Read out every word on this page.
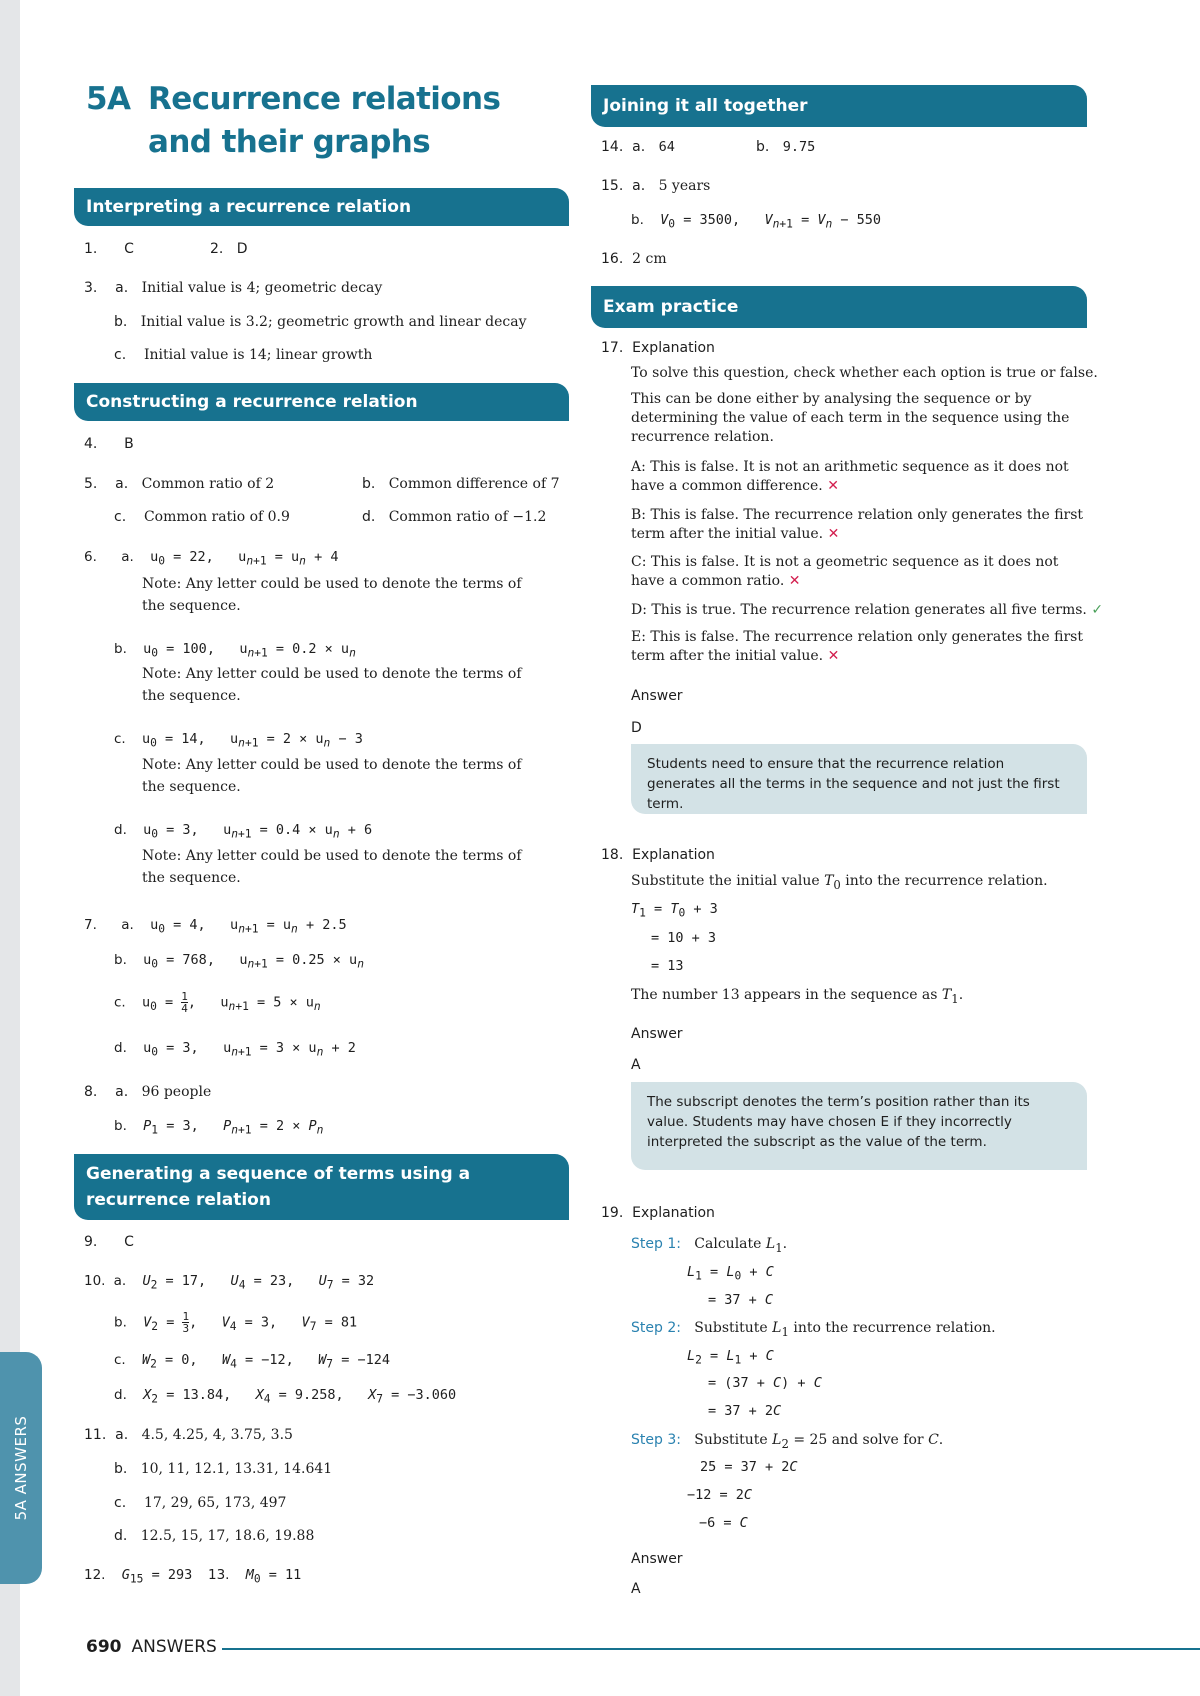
5A ANSWERS
5A Recurrence relations and their graphs
Interpreting a recurrence relation
1. C	2. D
3. a. Initial value is 4; geometric decay
b. Initial value is 3.2; geometric growth and linear decay
c. Initial value is 14; linear growth
Constructing a recurrence relation
4. B
5. a. Common ratio of 2	b. Common difference of 7
c. Common ratio of 0.9	d. Common ratio of −1.2
6. a.  $u_0 = 22$,   $u_{n+1} = u_n + 4$
Note: Any letter could be used to denote the terms of
the sequence.
b.  $u_0 = 100$,   $u_{n+1} = 0.2 \times u_n$
Note: Any letter could be used to denote the terms of
the sequence.
c.  $u_0 = 14$,   $u_{n+1} = 2 \times u_n - 3$
Note: Any letter could be used to denote the terms of
the sequence.
d.  $u_0 = 3$,   $u_{n+1} = 0.4 \times u_n + 6$
Note: Any letter could be used to denote the terms of
the sequence.
7. a.  $u_0 = 4$,   $u_{n+1} = u_n + 2.5$
b.  $u_0 = 768$,   $u_{n+1} = 0.25 \times u_n$
c.  $u_0 = \frac{1}{4}$ ,   $u_{n+1} = 5 \times u_n$
d.  $u_0 = 3$,   $u_{n+1} = 3 \times u_n + 2$
8. a. 96 people
b. $P_1 = 3$,   $P_{n+1} = 2 \times P_n$
Generating a sequence of terms using a recurrence relation
9. C
10. a. $U_2 = 17$,   $U_4 = 23$,   $U_7 = 32$
b. $V_2 = \frac{1}{3}$ ,   $V_4 = 3$,   $V_7 = 81$
c. $W_2 = 0$,   $W_4 = -12$,   $W_7 = -124$
d. $X_2 = 13.84$,   $X_4 = 9.258$,   $X_7 = -3.060$
11. a. 4.5, 4.25, 4, 3.75, 3.5
b. 10, 11, 12.1, 13.31, 14.641
c. 17, 29, 65, 173, 497
d. 12.5, 15, 17, 18.6, 19.88
12. $G_{15} = 293$ 13. $M_0 = 11$
Joining it all together
14. a. 64	b. 9.75
15. a. 5 years
b. $V_0 = 3500$,   $V_{n+1} = V_n - 550$
16. 2 cm
Exam practice
17.  Explanation
To solve this question, check whether each option is true or false.
This can be done either by analysing the sequence or by determining the value of each term in the sequence using the recurrence relation.
A: This is false. It is not an arithmetic sequence as it does not have a common difference. ✕
B: This is false. The recurrence relation only generates the first term after the initial value. ✕
C: This is false. It is not a geometric sequence as it does not have a common ratio. ✕
D: This is true. The recurrence relation generates all five terms. ✓
E: This is false. The recurrence relation only generates the first term after the initial value. ✕
Answer
D
Students need to ensure that the recurrence relation generates all the terms in the sequence and not just the first term.
18.  Explanation
Substitute the initial value $T_0$ into the recurrence relation.
$T_1 = T_0 + 3$
= 10 + 3
= 13
The number 13 appears in the sequence as $T_1$.
Answer
A
The subscript denotes the term’s position rather than its value. Students may have chosen E if they incorrectly interpreted the subscript as the value of the term.
19.  Explanation
Step 1:   Calculate $L_1$.
$L_1 = L_0 + C$
= 37 + C
Step 2:   Substitute $L_1$ into the recurrence relation.
$L_2 = L_1 + C$
= (37 + C) + C
= 37 + 2C
Step 3:   Substitute $L_2 = 25$ and solve for C.
25 = 37 + 2C
−12 = 2C
−6 = C
Answer
A
690 ANSWERS
